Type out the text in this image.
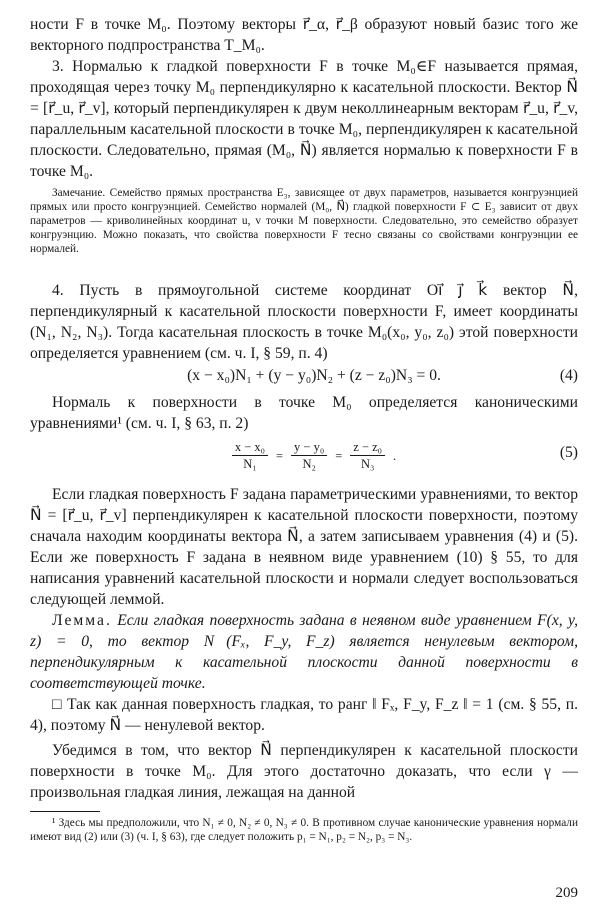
ности F в точке M₀. Поэтому векторы r⃗_α, r⃗_β образуют новый базис того же векторного подпространства T_M₀.

3. Нормалью к гладкой поверхности F в точке M₀∈F называется прямая, проходящая через точку M₀ перпендикулярно к касательной плоскости. Вектор N⃗ = [r⃗_u, r⃗_v], который перпендикулярен к двум неколлинеарным векторам r⃗_u, r⃗_v, параллельным касательной плоскости в точке M₀, перпендикулярен к касательной плоскости. Следовательно, прямая (M₀, N⃗) является нормалью к поверхности F в точке M₀.

Замечание. Семейство прямых пространства E₃, зависящее от двух параметров, называется конгруэнцией прямых или просто конгруэнцией. Семейство нормалей (M₀, N⃗) гладкой поверхности F ⊂ E₃ зависит от двух параметров — криволинейных координат u, v точки M поверхности. Следовательно, это семейство образует конгруэнцию. Можно показать, что свойства поверхности F тесно связаны со свойствами конгруэнции ее нормалей.

4. Пусть в прямоугольной системе координат Oi⃗ j⃗ k⃗ вектор N⃗, перпендикулярный к касательной плоскости поверхности F, имеет координаты (N₁, N₂, N₃). Тогда касательная плоскость в точке M₀(x₀, y₀, z₀) этой поверхности определяется уравнением (см. ч. I, § 59, п. 4)

(x − x₀)N₁ + (y − y₀)N₂ + (z − z₀)N₃ = 0.	(4)

Нормаль к поверхности в точке M₀ определяется каноническими уравнениями¹ (см. ч. I, § 63, п. 2)

$\frac{\text{x − x₀}}{\text{N₁}} = \frac{\text{y − y₀}}{\text{N₂}} = \frac{\text{z − z₀}}{\text{N₃}}$ .	(5)

Если гладкая поверхность F задана параметрическими уравнениями, то вектор N⃗ = [r⃗_u, r⃗_v] перпендикулярен к касательной плоскости поверхности, поэтому сначала находим координаты вектора N⃗, а затем записываем уравнения (4) и (5). Если же поверхность F задана в неявном виде уравнением (10) § 55, то для написания уравнений касательной плоскости и нормали следует воспользоваться следующей леммой.

Лемма. Если гладкая поверхность задана в неявном виде уравнением F(x, y, z) = 0, то вектор N⃗(Fₓ, F_y, F_z) является ненулевым вектором, перпендикулярным к касательной плоскости данной поверхности в соответствующей точке.

□ Так как данная поверхность гладкая, то ранг ‖ Fₓ, F_y, F_z ‖ = 1 (см. § 55, п. 4), поэтому N⃗ — ненулевой вектор.

Убедимся в том, что вектор N⃗ перпендикулярен к касательной плоскости поверхности в точке M₀. Для этого достаточно доказать, что если γ — произвольная гладкая линия, лежащая на данной

¹ Здесь мы предположили, что N₁ ≠ 0, N₂ ≠ 0, N₃ ≠ 0. В противном случае канонические уравнения нормали имеют вид (2) или (3) (ч. I, § 63), где следует положить p₁ = N₁, p₂ = N₂, p₃ = N₃.

209
